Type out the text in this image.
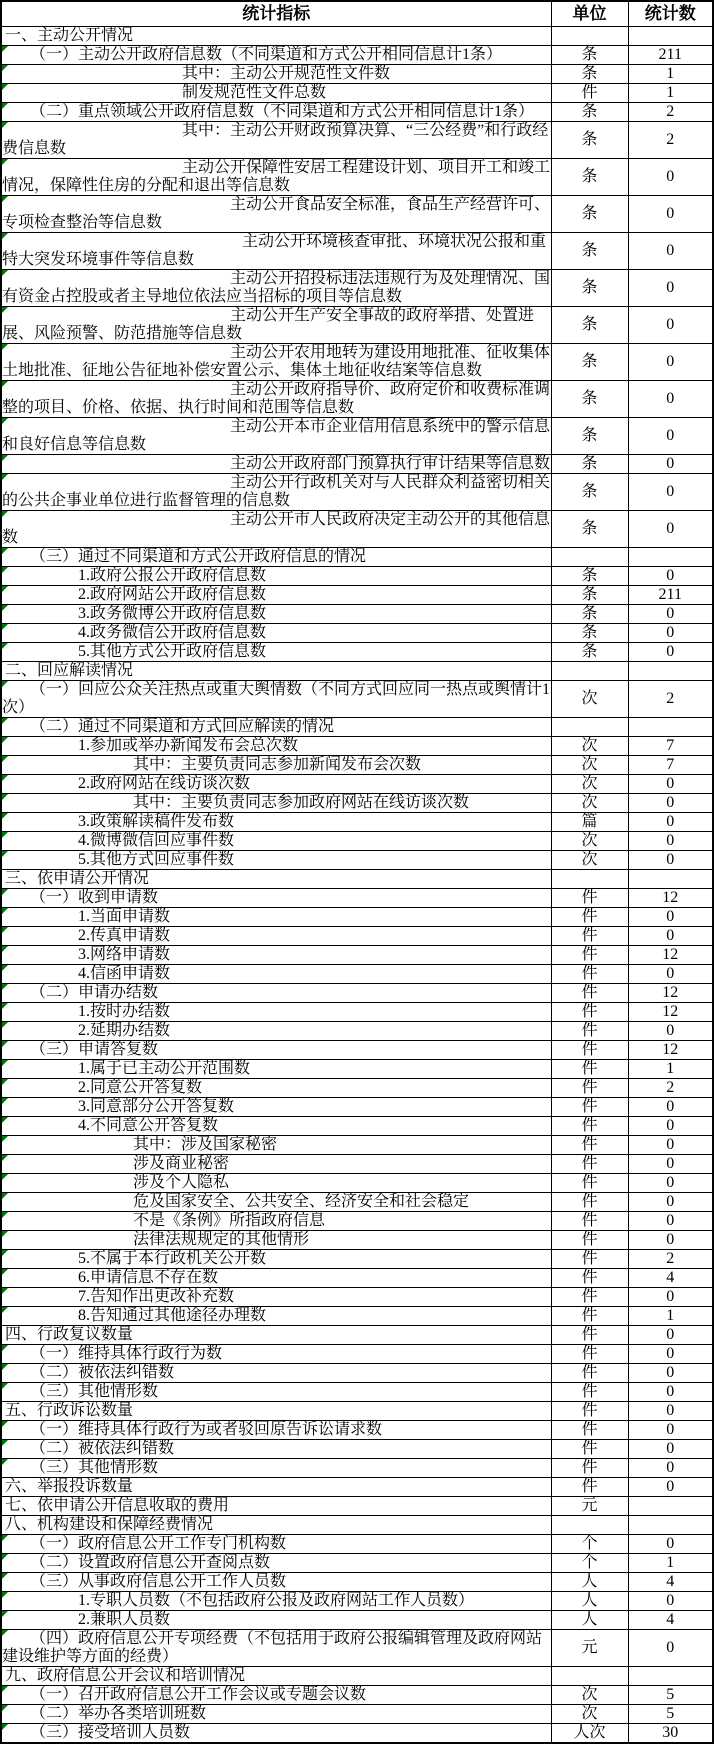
统计指标	单位	统计数
一、主动公开情况		
（一）主动公开政府信息数（不同渠道和方式公开相同信息计1条）	条	211
其中：主动公开规范性文件数	条	1
制发规范性文件总数	件	1
（二）重点领域公开政府信息数（不同渠道和方式公开相同信息计1条）	条	2
其中：主动公开财政预算决算、“三公经费”和行政经费信息数	条	2
主动公开保障性安居工程建设计划、项目开工和竣工情况，保障性住房的分配和退出等信息数	条	0
主动公开食品安全标准，食品生产经营许可、专项检查整治等信息数	条	0
主动公开环境核查审批、环境状况公报和重特大突发环境事件等信息数	条	0
主动公开招投标违法违规行为及处理情况、国有资金占控股或者主导地位依法应当招标的项目等信息数	条	0
主动公开生产安全事故的政府举措、处置进展、风险预警、防范措施等信息数	条	0
主动公开农用地转为建设用地批准、征收集体土地批准、征地公告征地补偿安置公示、集体土地征收结案等信息数	条	0
主动公开政府指导价、政府定价和收费标准调整的项目、价格、依据、执行时间和范围等信息数	条	0
主动公开本市企业信用信息系统中的警示信息和良好信息等信息数	条	0
主动公开政府部门预算执行审计结果等信息数	条	0
主动公开行政机关对与人民群众利益密切相关的公共企事业单位进行监督管理的信息数	条	0
主动公开市人民政府决定主动公开的其他信息数	条	0
（三）通过不同渠道和方式公开政府信息的情况

1.政府公报公开政府信息数	条	0
2.政府网站公开政府信息数	条	211
3.政务微博公开政府信息数	条	0
4.政务微信公开政府信息数	条	0
5.其他方式公开政府信息数	条	0
二、回应解读情况		
（一）回应公众关注热点或重大舆情数（不同方式回应同一热点或舆情计1次）	次	2
（二）通过不同渠道和方式回应解读的情况

1.参加或举办新闻发布会总次数	次	7
其中：主要负责同志参加新闻发布会次数	次	7
2.政府网站在线访谈次数	次	0
其中：主要负责同志参加政府网站在线访谈次数	次	0
3.政策解读稿件发布数	篇	0
4.微博微信回应事件数	次	0
5.其他方式回应事件数	次	0
三、依申请公开情况		
（一）收到申请数	件	12
1.当面申请数	件	0
2.传真申请数	件	0
3.网络申请数	件	12
4.信函申请数	件	0
（二）申请办结数	件	12
1.按时办结数	件	12
2.延期办结数	件	0
（三）申请答复数	件	12
1.属于已主动公开范围数	件	1
2.同意公开答复数	件	2
3.同意部分公开答复数	件	0
4.不同意公开答复数	件	0
其中：涉及国家秘密	件	0
涉及商业秘密	件	0
涉及个人隐私	件	0
危及国家安全、公共安全、经济安全和社会稳定	件	0
不是《条例》所指政府信息	件	0
法律法规规定的其他情形	件	0
5.不属于本行政机关公开数	件	2
6.申请信息不存在数	件	4
7.告知作出更改补充数	件	0
8.告知通过其他途径办理数	件	1
四、行政复议数量	件	0
（一）维持具体行政行为数	件	0
（二）被依法纠错数	件	0
（三）其他情形数	件	0
五、行政诉讼数量	件	0
（一）维持具体行政行为或者驳回原告诉讼请求数	件	0
（二）被依法纠错数	件	0
（三）其他情形数	件	0
六、举报投诉数量	件	0
七、依申请公开信息收取的费用	元	
八、机构建设和保障经费情况		
（一）政府信息公开工作专门机构数	个	0
（二）设置政府信息公开查阅点数	个	1
（三）从事政府信息公开工作人员数	人	4
1.专职人员数（不包括政府公报及政府网站工作人员数）	人	0
2.兼职人员数	人	4
（四）政府信息公开专项经费（不包括用于政府公报编辑管理及政府网站建设维护等方面的经费）	元	0
九、政府信息公开会议和培训情况		
（一）召开政府信息公开工作会议或专题会议数	次	5
（二）举办各类培训班数	次	5
（三）接受培训人员数	人次	30
